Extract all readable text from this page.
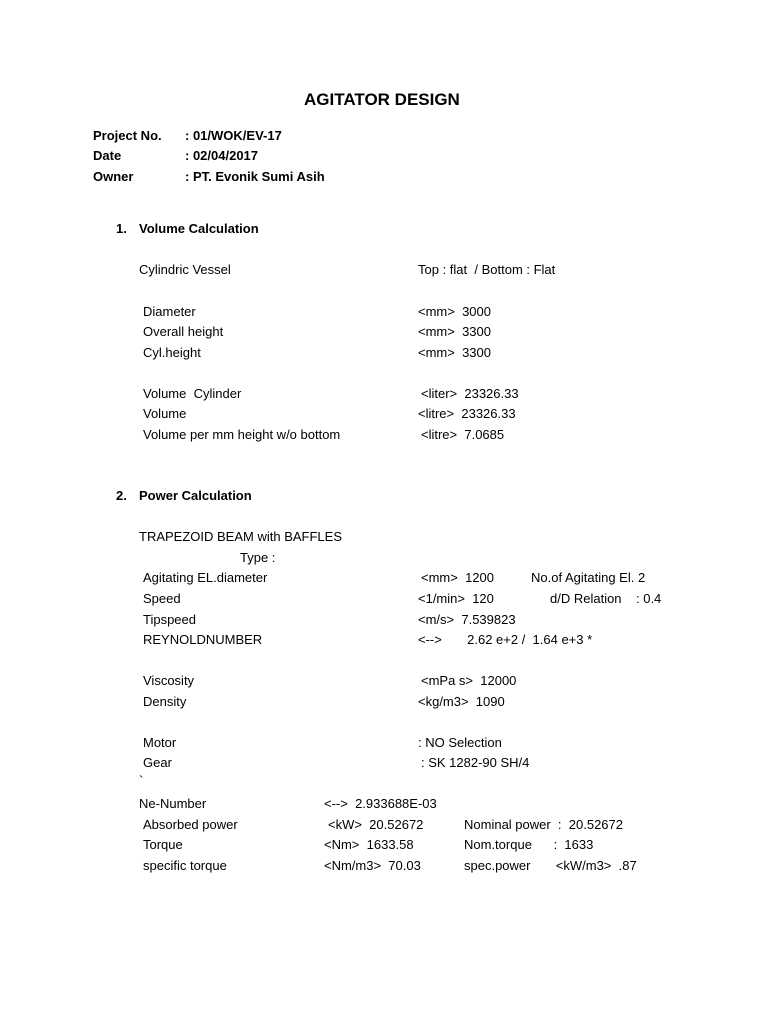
AGITATOR DESIGN
Project No. : 01/WOK/EV-17
Date	: 02/04/2017
Owner	: PT. Evonik Sumi Asih
1. Volume Calculation
Cylindric Vessel	Top : flat  / Bottom : Flat
Diameter	<mm>  3000
Overall height	<mm>  3300
Cyl.height	<mm>  3300
Volume  Cylinder	<liter>  23326.33
Volume	<litre>  23326.33
Volume per mm height w/o bottom	<litre>  7.0685
2. Power Calculation
TRAPEZOID BEAM with BAFFLES
Type :
Agitating EL.diameter	<mm>  1200	No.of Agitating El. 2
Speed	<1/min>  120	d/D Relation    : 0.4
Tipspeed	<m/s>  7.539823
REYNOLDNUMBER	<-->       2.62 e+2 /  1.64 e+3 *
Viscosity	<mPa s>  12000
Density	<kg/m3>  1090
Motor	: NO Selection
Gear	: SK 1282-90 SH/4
`
Ne-Number	<-->  2.933688E-03
Absorbed power	<kW>  20.52672	Nominal power  :  20.52672
Torque	<Nm>  1633.58	Nom.torque      :  1633
specific torque	<Nm/m3>  70.03	spec.power       <kW/m3>  .87
